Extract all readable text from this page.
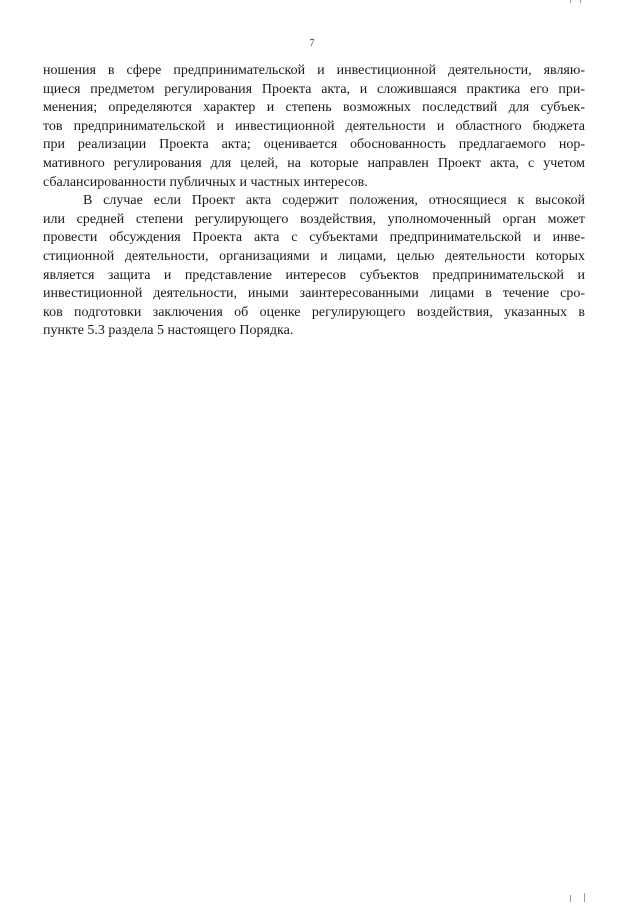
7
ношения в сфере предпринимательской и инвестиционной деятельности, являю-
щиеся предметом регулирования Проекта акта, и сложившаяся практика его при-
менения; определяются характер и степень возможных последствий для субъек-
тов предпринимательской и инвестиционной деятельности и областного бюджета
при реализации Проекта акта; оценивается обоснованность предлагаемого нор-
мативного регулирования для целей, на которые направлен Проект акта, с учетом
сбалансированности публичных и частных интересов.
В случае если Проект акта содержит положения, относящиеся к высокой
или средней степени регулирующего воздействия, уполномоченный орган может
провести обсуждения Проекта акта с субъектами предпринимательской и инве-
стиционной деятельности, организациями и лицами, целью деятельности которых
является защита и представление интересов субъектов предпринимательской и
инвестиционной деятельности, иными заинтересованными лицами в течение сро-
ков подготовки заключения об оценке регулирующего воздействия, указанных в
пункте 5.3 раздела 5 настоящего Порядка.
